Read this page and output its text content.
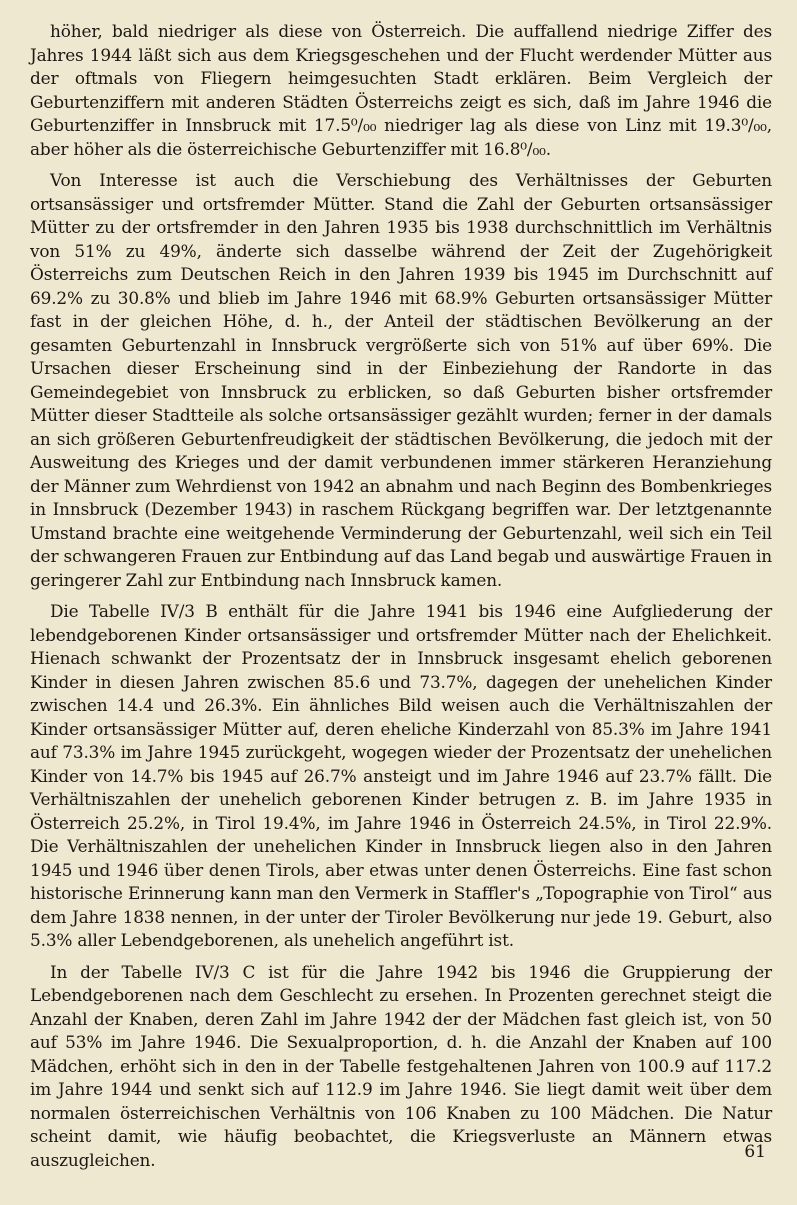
höher, bald niedriger als diese von Österreich. Die auffallend niedrige Ziffer des Jahres 1944 läßt sich aus dem Kriegsgeschehen und der Flucht werdender Mütter aus der oftmals von Fliegern heimgesuchten Stadt erklären. Beim Vergleich der Geburtenziffern mit anderen Städten Österreichs zeigt es sich, daß im Jahre 1946 die Geburtenziffer in Innsbruck mit 17.5⁰/₀₀ niedriger lag als diese von Linz mit 19.3⁰/₀₀, aber höher als die österreichische Geburtenziffer mit 16.8⁰/₀₀.

Von Interesse ist auch die Verschiebung des Verhältnisses der Geburten ortsansässiger und ortsfremder Mütter. Stand die Zahl der Geburten ortsansässiger Mütter zu der ortsfremder in den Jahren 1935 bis 1938 durchschnittlich im Verhältnis von 51% zu 49%, änderte sich dasselbe während der Zeit der Zugehörigkeit Österreichs zum Deutschen Reich in den Jahren 1939 bis 1945 im Durchschnitt auf 69.2% zu 30.8% und blieb im Jahre 1946 mit 68.9% Geburten ortsansässiger Mütter fast in der gleichen Höhe, d. h., der Anteil der städtischen Bevölkerung an der gesamten Geburtenzahl in Innsbruck vergrößerte sich von 51% auf über 69%. Die Ursachen dieser Erscheinung sind in der Einbeziehung der Randorte in das Gemeindegebiet von Innsbruck zu erblicken, so daß Geburten bisher ortsfremder Mütter dieser Stadtteile als solche ortsansässiger gezählt wurden; ferner in der damals an sich größeren Geburtenfreudigkeit der städtischen Bevölkerung, die jedoch mit der Ausweitung des Krieges und der damit verbundenen immer stärkeren Heranziehung der Männer zum Wehrdienst von 1942 an abnahm und nach Beginn des Bombenkrieges in Innsbruck (Dezember 1943) in raschem Rückgang begriffen war. Der letztgenannte Umstand brachte eine weitgehende Verminderung der Geburtenzahl, weil sich ein Teil der schwangeren Frauen zur Entbindung auf das Land begab und auswärtige Frauen in geringerer Zahl zur Entbindung nach Innsbruck kamen.

Die Tabelle IV/3 B enthält für die Jahre 1941 bis 1946 eine Aufgliederung der lebendgeborenen Kinder ortsansässiger und ortsfremder Mütter nach der Ehelichkeit. Hienach schwankt der Prozentsatz der in Innsbruck insgesamt ehelich geborenen Kinder in diesen Jahren zwischen 85.6 und 73.7%, dagegen der unehelichen Kinder zwischen 14.4 und 26.3%. Ein ähnliches Bild weisen auch die Verhältniszahlen der Kinder ortsansässiger Mütter auf, deren eheliche Kinderzahl von 85.3% im Jahre 1941 auf 73.3% im Jahre 1945 zurückgeht, wogegen wieder der Prozentsatz der unehelichen Kinder von 14.7% bis 1945 auf 26.7% ansteigt und im Jahre 1946 auf 23.7% fällt. Die Verhältniszahlen der unehelich geborenen Kinder betrugen z. B. im Jahre 1935 in Österreich 25.2%, in Tirol 19.4%, im Jahre 1946 in Österreich 24.5%, in Tirol 22.9%. Die Verhältniszahlen der unehelichen Kinder in Innsbruck liegen also in den Jahren 1945 und 1946 über denen Tirols, aber etwas unter denen Österreichs. Eine fast schon historische Erinnerung kann man den Vermerk in Staffler's „Topographie von Tirol“ aus dem Jahre 1838 nennen, in der unter der Tiroler Bevölkerung nur jede 19. Geburt, also 5.3% aller Lebendgeborenen, als unehelich angeführt ist.

In der Tabelle IV/3 C ist für die Jahre 1942 bis 1946 die Gruppierung der Lebendgeborenen nach dem Geschlecht zu ersehen. In Prozenten gerechnet steigt die Anzahl der Knaben, deren Zahl im Jahre 1942 der der Mädchen fast gleich ist, von 50 auf 53% im Jahre 1946. Die Sexualproportion, d. h. die Anzahl der Knaben auf 100 Mädchen, erhöht sich in den in der Tabelle festgehaltenen Jahren von 100.9 auf 117.2 im Jahre 1944 und senkt sich auf 112.9 im Jahre 1946. Sie liegt damit weit über dem normalen österreichischen Verhältnis von 106 Knaben zu 100 Mädchen. Die Natur scheint damit, wie häufig beobachtet, die Kriegsverluste an Männern etwas auszugleichen.	61
